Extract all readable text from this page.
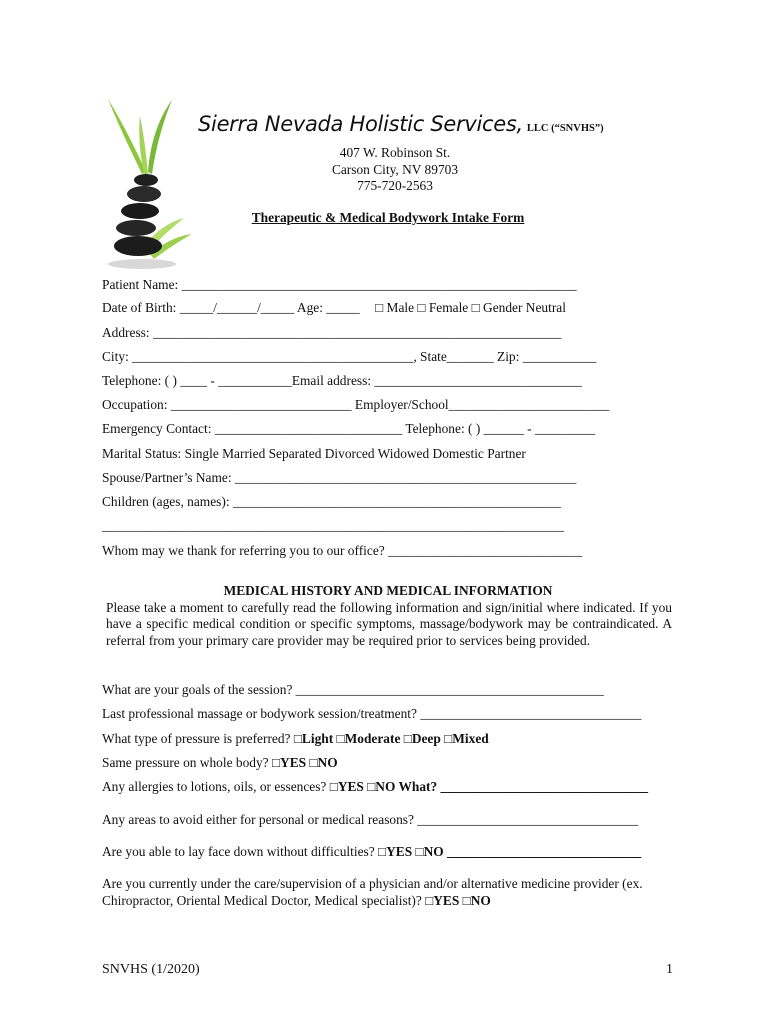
Sierra Nevada Holistic Services, LLC (“SNVHS”)
407 W. Robinson St.
Carson City, NV 89703
775-720-2563
Therapeutic & Medical Bodywork Intake Form
Patient Name: ___________________________________________________________
Date of Birth: _____/______/_____ Age: _____ □ Male □ Female □ Gender Neutral
Address: _____________________________________________________________
City: __________________________________________, State_______ Zip: ___________
Telephone: ( ) ____ - ___________Email address: _______________________________
Occupation: ___________________________ Employer/School________________________
Emergency Contact: ____________________________ Telephone: ( ) ______ - _________
Marital Status: Single Married Separated Divorced Widowed Domestic Partner
Spouse/Partner’s Name: ___________________________________________________
Children (ages, names): _________________________________________________
_____________________________________________________________________
Whom may we thank for referring you to our office? _____________________________
MEDICAL HISTORY AND MEDICAL INFORMATION
Please take a moment to carefully read the following information and sign/initial where indicated. If you have a specific medical condition or specific symptoms, massage/bodywork may be contraindicated. A referral from your primary care provider may be required prior to services being provided.
What are your goals of the session? ______________________________________________
Last professional massage or bodywork session/treatment? _________________________________
What type of pressure is preferred? □Light □Moderate □Deep □Mixed
Same pressure on whole body? □YES □NO
Any allergies to lotions, oils, or essences? □YES □NO What? _______________________________
Any areas to avoid either for personal or medical reasons? _________________________________
Are you able to lay face down without difficulties? □YES □NO _____________________________
Are you currently under the care/supervision of a physician and/or alternative medicine provider (ex.
Chiropractor, Oriental Medical Doctor, Medical specialist)? □YES □NO
SNVHS (1/2020)	1
